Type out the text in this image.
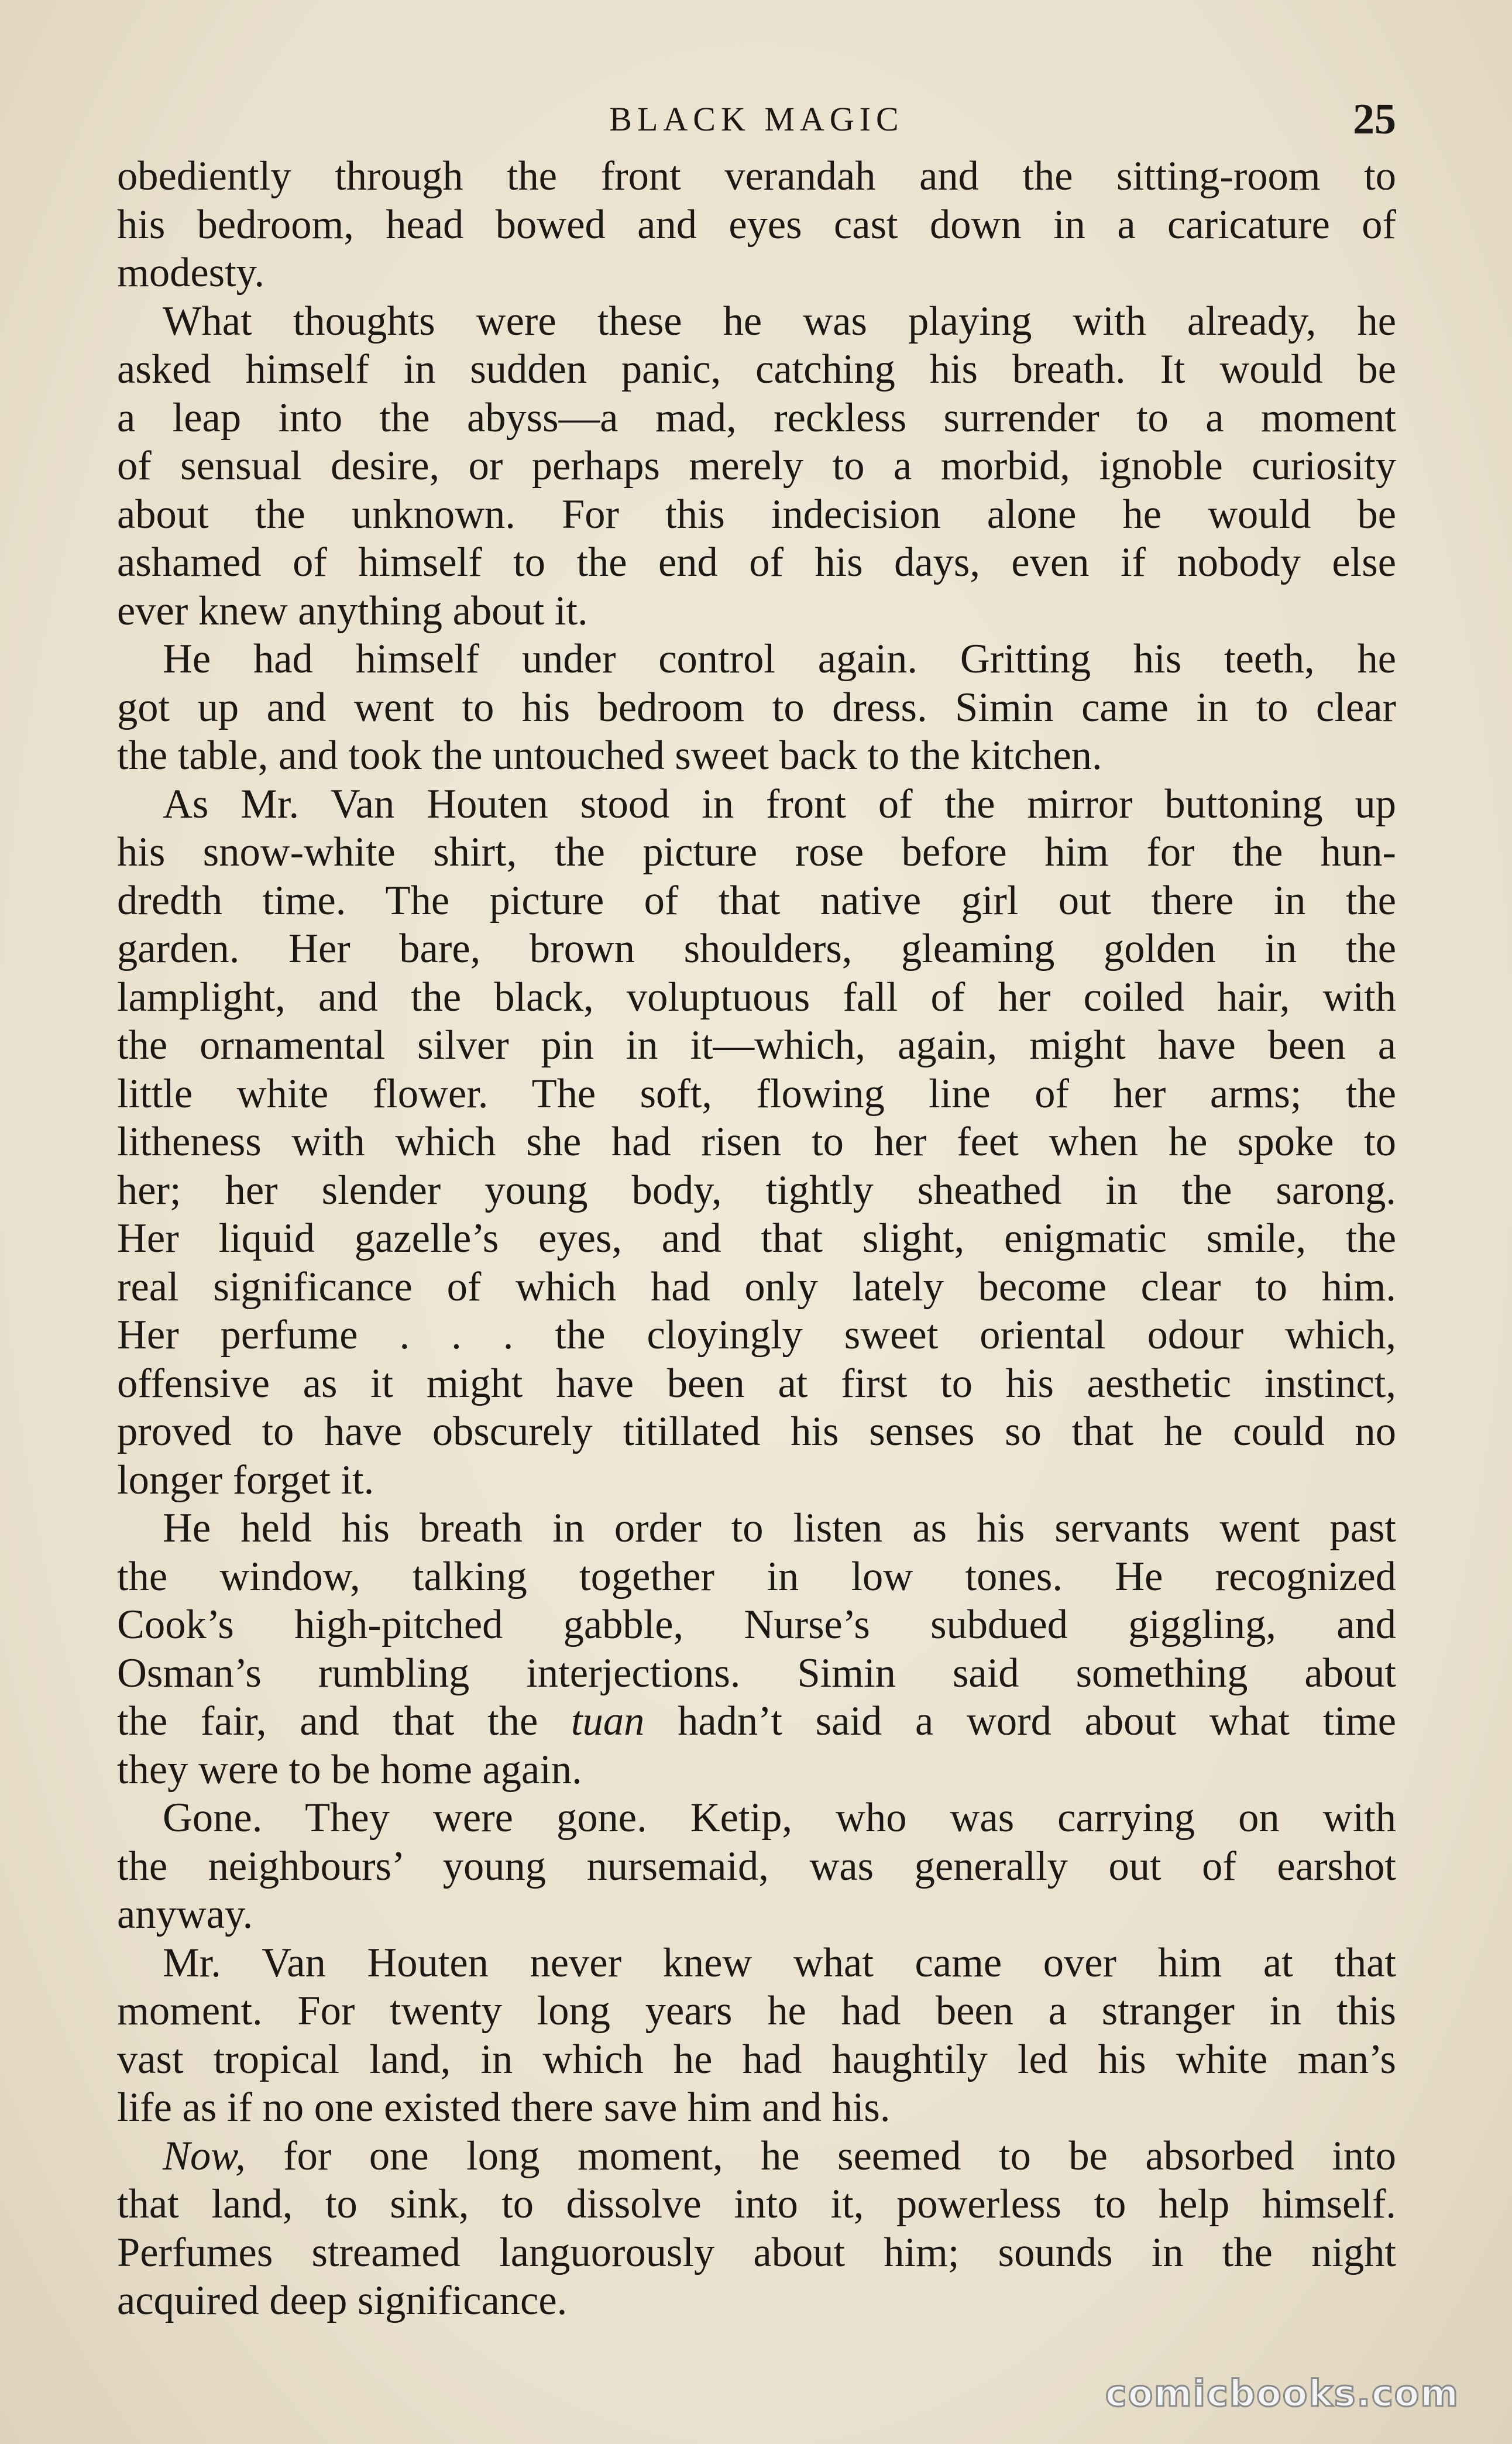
BLACK MAGIC	25

obediently through the front verandah and the sitting-room to
his bedroom, head bowed and eyes cast down in a caricature of
modesty.

What thoughts were these he was playing with already, he
asked himself in sudden panic, catching his breath. It would be
a leap into the abyss—a mad, reckless surrender to a moment
of sensual desire, or perhaps merely to a morbid, ignoble curiosity
about the unknown. For this indecision alone he would be
ashamed of himself to the end of his days, even if nobody else
ever knew anything about it.

He had himself under control again. Gritting his teeth, he
got up and went to his bedroom to dress. Simin came in to clear
the table, and took the untouched sweet back to the kitchen.

As Mr. Van Houten stood in front of the mirror buttoning up
his snow-white shirt, the picture rose before him for the hun-
dredth time. The picture of that native girl out there in the
garden. Her bare, brown shoulders, gleaming golden in the
lamplight, and the black, voluptuous fall of her coiled hair, with
the ornamental silver pin in it—which, again, might have been a
little white flower. The soft, flowing line of her arms; the
litheness with which she had risen to her feet when he spoke to
her; her slender young body, tightly sheathed in the sarong.
Her liquid gazelle’s eyes, and that slight, enigmatic smile, the
real significance of which had only lately become clear to him.
Her perfume . . . the cloyingly sweet oriental odour which,
offensive as it might have been at first to his aesthetic instinct,
proved to have obscurely titillated his senses so that he could no
longer forget it.

He held his breath in order to listen as his servants went past
the window, talking together in low tones. He recognized
Cook’s high-pitched gabble, Nurse’s subdued giggling, and
Osman’s rumbling interjections. Simin said something about
the fair, and that the tuan hadn’t said a word about what time
they were to be home again.

Gone. They were gone. Ketip, who was carrying on with
the neighbours’ young nursemaid, was generally out of earshot
anyway.

Mr. Van Houten never knew what came over him at that
moment. For twenty long years he had been a stranger in this
vast tropical land, in which he had haughtily led his white man’s
life as if no one existed there save him and his.

Now, for one long moment, he seemed to be absorbed into
that land, to sink, to dissolve into it, powerless to help himself.
Perfumes streamed languorously about him; sounds in the night
acquired deep significance.

comicbooks.com
